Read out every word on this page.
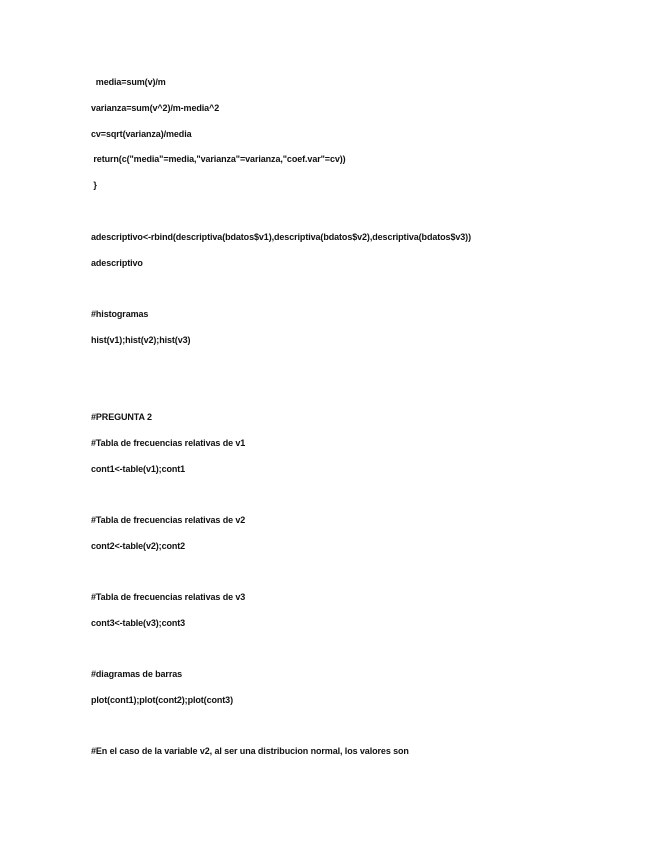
media=sum(v)/m
varianza=sum(v^2)/m-media^2
cv=sqrt(varianza)/media
return(c("media"=media,"varianza"=varianza,"coef.var"=cv))
}
adescriptivo<-rbind(descriptiva(bdatos$v1),descriptiva(bdatos$v2),descriptiva(bdatos$v3))
adescriptivo
#histogramas
hist(v1);hist(v2);hist(v3)
#PREGUNTA 2
#Tabla de frecuencias relativas de v1
cont1<-table(v1);cont1
#Tabla de frecuencias relativas de v2
cont2<-table(v2);cont2
#Tabla de frecuencias relativas de v3
cont3<-table(v3);cont3
#diagramas de barras
plot(cont1);plot(cont2);plot(cont3)
#En el caso de la variable v2, al ser una distribucion normal, los valores son
